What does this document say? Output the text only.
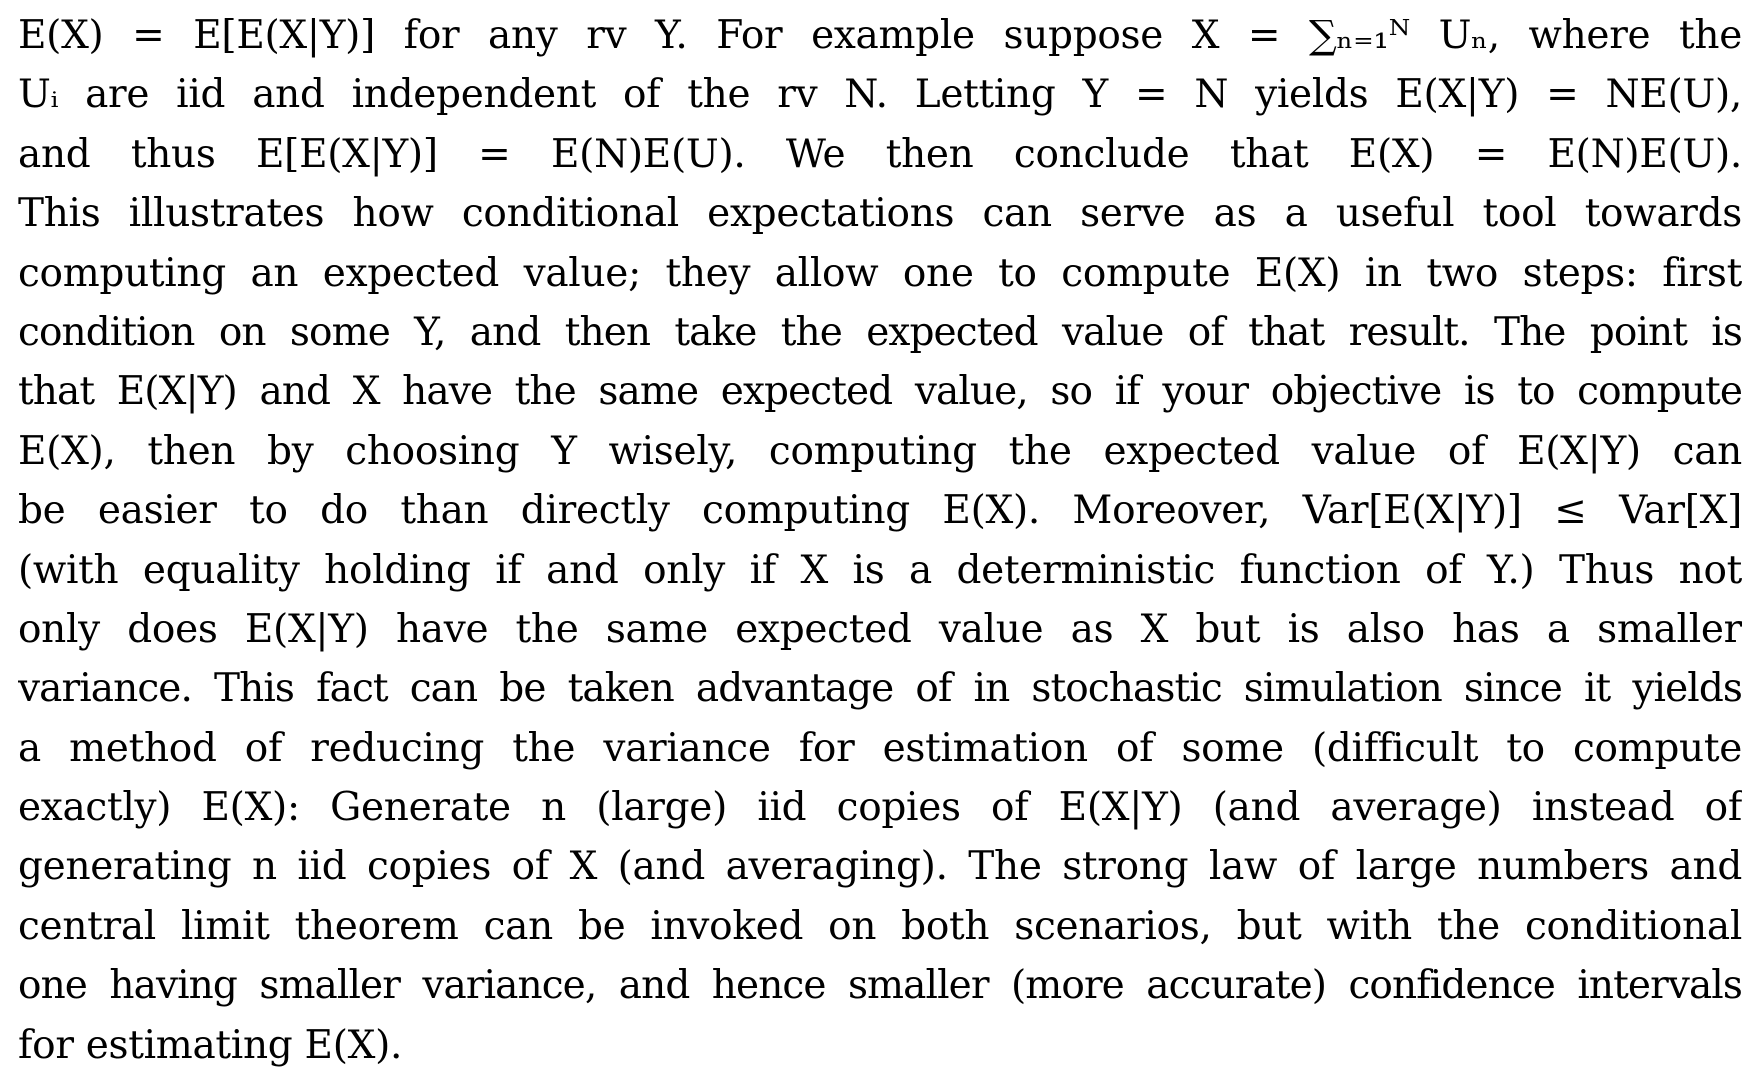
E(X) = E[E(X|Y)] for any rv Y. For example suppose X = ∑ₙ₌₁ᴺ Uₙ, where the
Uᵢ are iid and independent of the rv N. Letting Y = N yields E(X|Y) = NE(U),
and thus E[E(X|Y)] = E(N)E(U). We then conclude that E(X) = E(N)E(U).
This illustrates how conditional expectations can serve as a useful tool towards
computing an expected value; they allow one to compute E(X) in two steps: first
condition on some Y, and then take the expected value of that result. The point is
that E(X|Y) and X have the same expected value, so if your objective is to compute
E(X), then by choosing Y wisely, computing the expected value of E(X|Y) can
be easier to do than directly computing E(X). Moreover, Var[E(X|Y)] ≤ Var[X]
(with equality holding if and only if X is a deterministic function of Y.) Thus not
only does E(X|Y) have the same expected value as X but is also has a smaller
variance. This fact can be taken advantage of in stochastic simulation since it yields
a method of reducing the variance for estimation of some (difficult to compute
exactly) E(X): Generate n (large) iid copies of E(X|Y) (and average) instead of
generating n iid copies of X (and averaging). The strong law of large numbers and
central limit theorem can be invoked on both scenarios, but with the conditional
one having smaller variance, and hence smaller (more accurate) confidence intervals
for estimating E(X).
